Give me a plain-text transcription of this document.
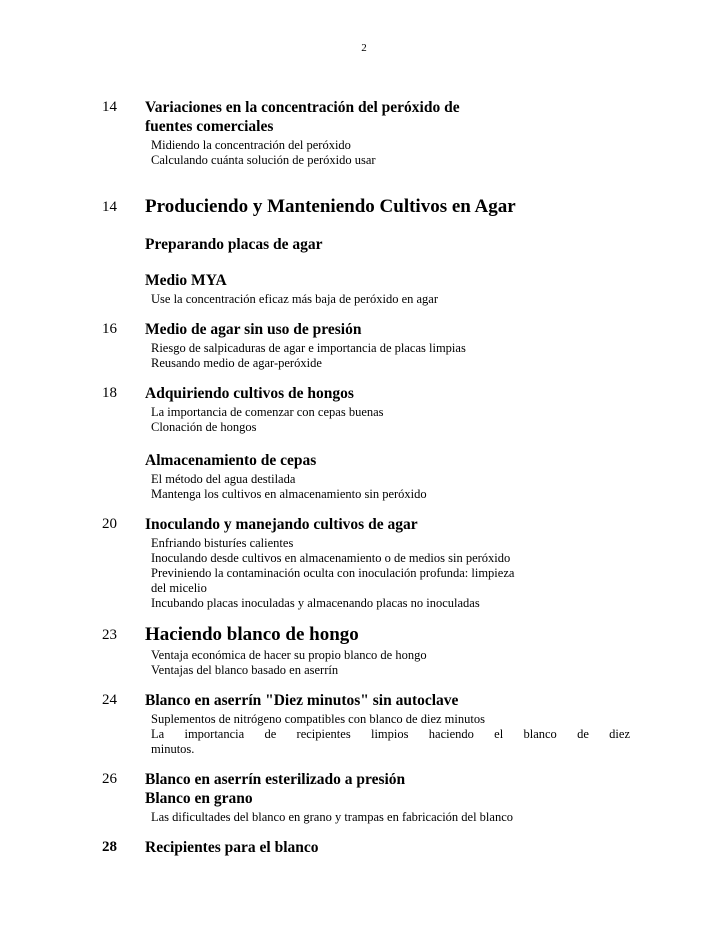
2
14	Variaciones en la concentración del peróxido de
fuentes comerciales
Midiendo la concentración del peróxido
Calculando cuánta solución de peróxido usar
14	Produciendo y Manteniendo Cultivos en Agar
Preparando placas de agar
Medio MYA
Use la concentración eficaz más baja de peróxido en agar
16	Medio de agar sin uso de presión
Riesgo de salpicaduras de agar e importancia de placas limpias
Reusando medio de agar-peróxide
18	Adquiriendo cultivos de hongos
La importancia de comenzar con cepas buenas
Clonación de hongos
Almacenamiento de cepas
El método del agua destilada
Mantenga los cultivos en almacenamiento sin peróxido
20	Inoculando y manejando cultivos de agar
Enfriando bisturíes calientes
Inoculando desde cultivos en almacenamiento o de medios sin peróxido
Previniendo la contaminación oculta con inoculación profunda: limpieza
del micelio
Incubando placas inoculadas y almacenando placas no inoculadas
23	Haciendo blanco de hongo
Ventaja económica de hacer su propio blanco de hongo
Ventajas del blanco basado en aserrín
24	Blanco en aserrín "Diez minutos" sin autoclave
Suplementos de nitrógeno compatibles con blanco de diez minutos
La importancia de recipientes limpios haciendo el blanco de diez
minutos.
26	Blanco en aserrín esterilizado a presión
Blanco en grano
Las dificultades del blanco en grano y trampas en fabricación del blanco
28	Recipientes para el blanco
